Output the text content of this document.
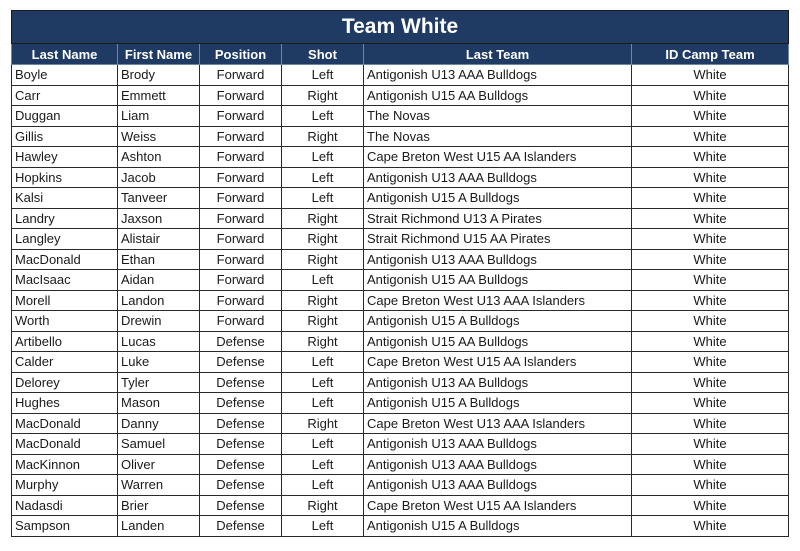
Team White					
Last Name	First Name	Position	Shot	Last Team	ID Camp Team
Boyle	Brody	Forward	Left	Antigonish U13 AAA Bulldogs	White
Carr	Emmett	Forward	Right	Antigonish U15 AA Bulldogs	White
Duggan	Liam	Forward	Left	The Novas	White
Gillis	Weiss	Forward	Right	The Novas	White
Hawley	Ashton	Forward	Left	Cape Breton West U15 AA Islanders	White
Hopkins	Jacob	Forward	Left	Antigonish U13 AAA Bulldogs	White
Kalsi	Tanveer	Forward	Left	Antigonish U15 A Bulldogs	White
Landry	Jaxson	Forward	Right	Strait Richmond U13 A Pirates	White
Langley	Alistair	Forward	Right	Strait Richmond U15 AA Pirates	White
MacDonald	Ethan	Forward	Right	Antigonish U13 AAA Bulldogs	White
MacIsaac	Aidan	Forward	Left	Antigonish U15 AA Bulldogs	White
Morell	Landon	Forward	Right	Cape Breton West U13 AAA Islanders	White
Worth	Drewin	Forward	Right	Antigonish U15 A Bulldogs	White
Artibello	Lucas	Defense	Right	Antigonish U15 AA Bulldogs	White
Calder	Luke	Defense	Left	Cape Breton West U15 AA Islanders	White
Delorey	Tyler	Defense	Left	Antigonish U13 AA Bulldogs	White
Hughes	Mason	Defense	Left	Antigonish U15 A Bulldogs	White
MacDonald	Danny	Defense	Right	Cape Breton West U13 AAA Islanders	White
MacDonald	Samuel	Defense	Left	Antigonish U13 AAA Bulldogs	White
MacKinnon	Oliver	Defense	Left	Antigonish U13 AAA Bulldogs	White
Murphy	Warren	Defense	Left	Antigonish U13 AAA Bulldogs	White
Nadasdi	Brier	Defense	Right	Cape Breton West U15 AA Islanders	White
Sampson	Landen	Defense	Left	Antigonish U15 A Bulldogs	White
